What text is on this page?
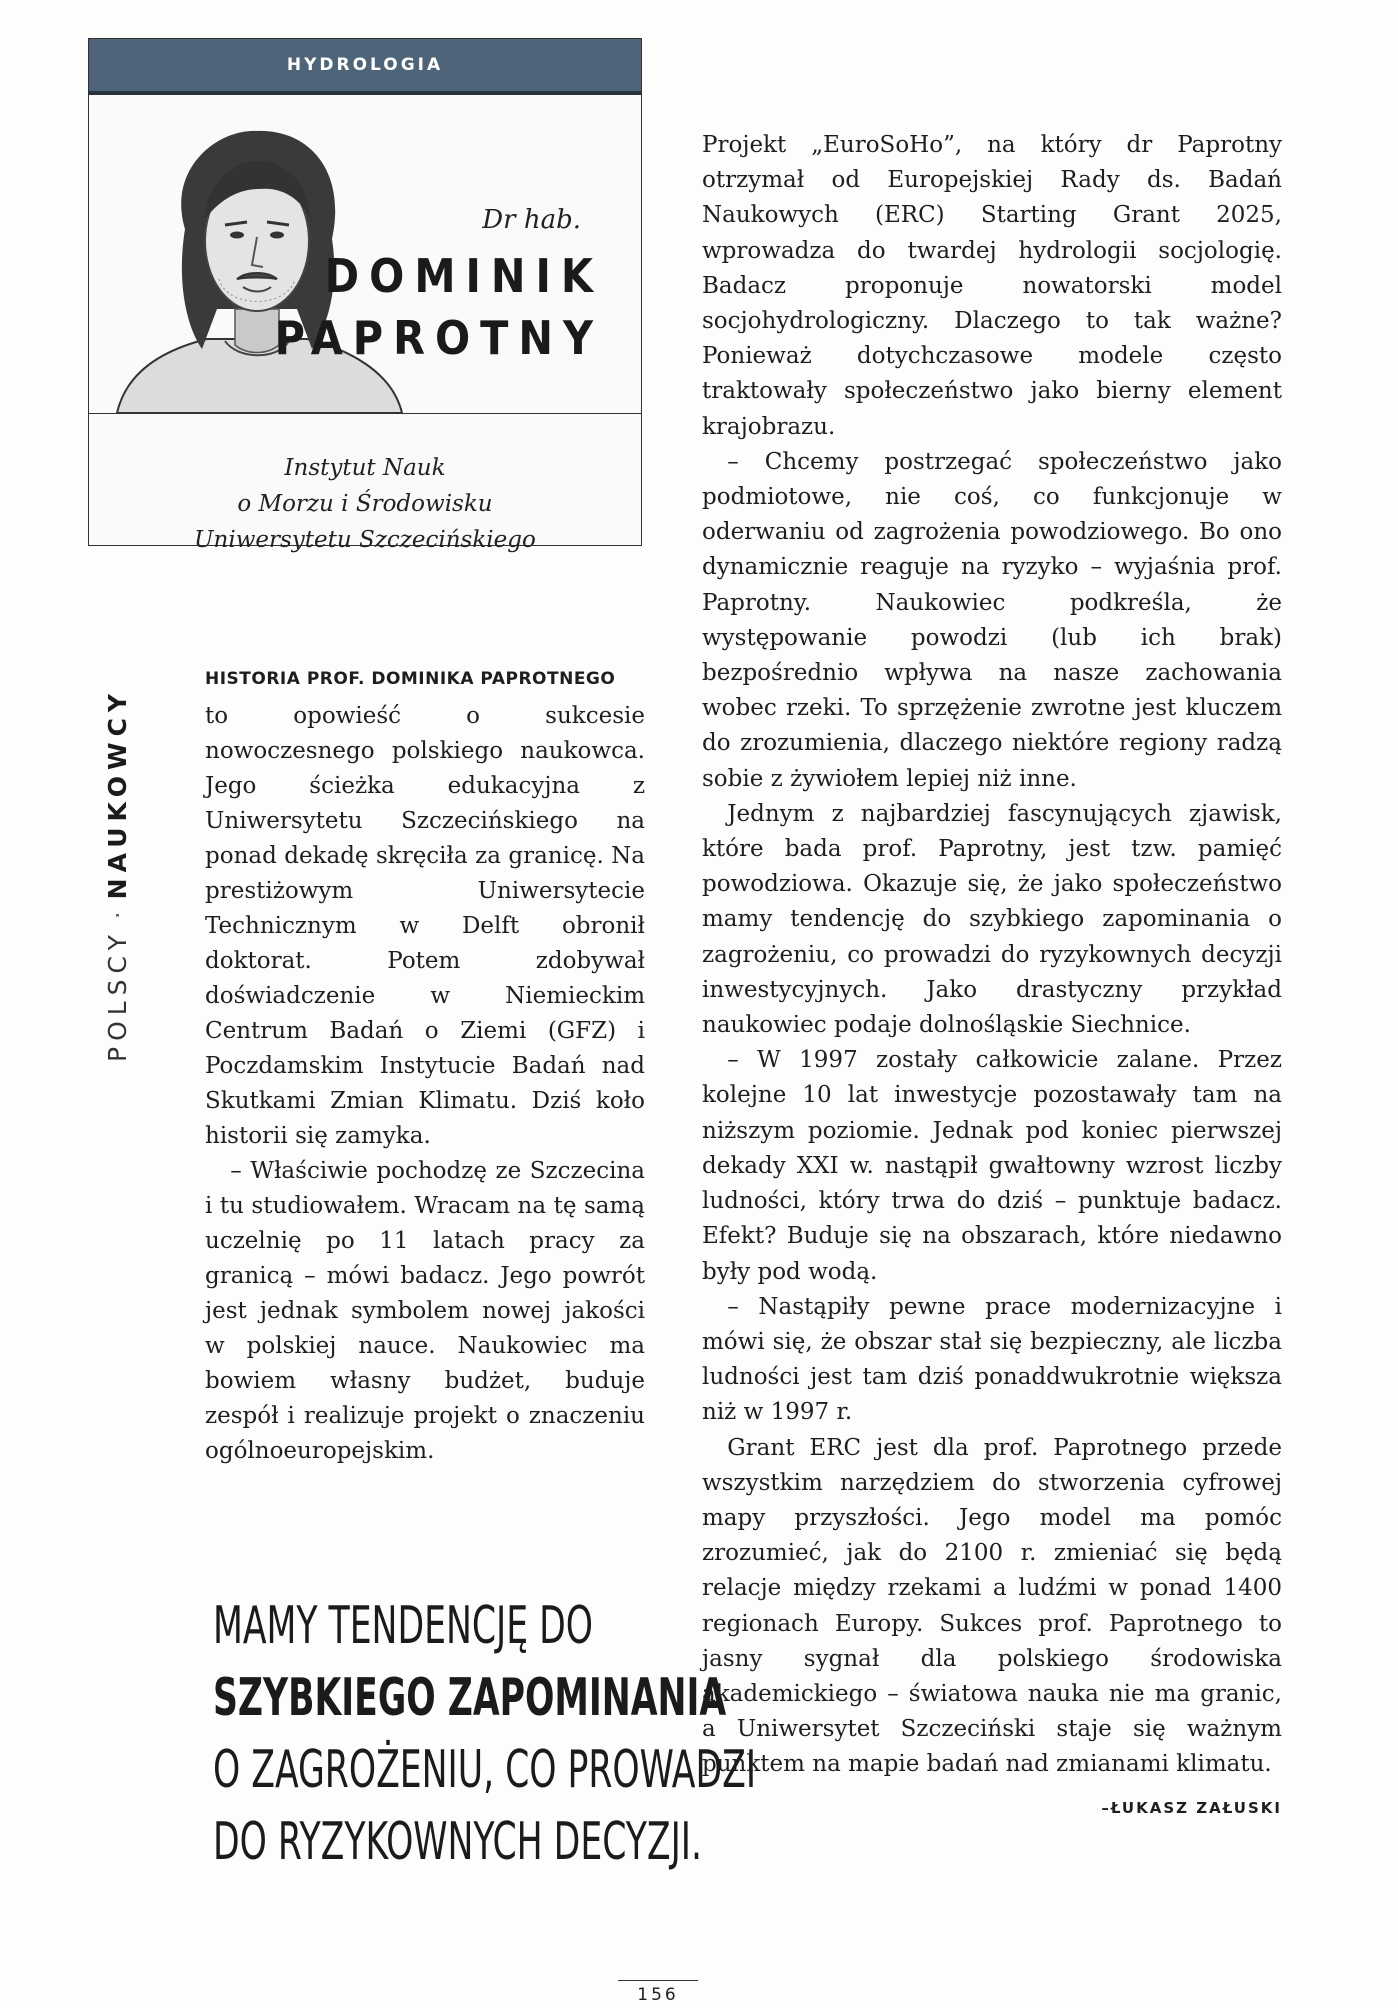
HYDROLOGIA
Dr hab.
DOMINIK
PAPROTNY
Instytut Nauk
o Morzu i Środowisku
Uniwersytetu Szczecińskiego
POLSCY · NAUKOWCY
HISTORIA PROF. DOMINIKA PAPROTNEGO

to opowieść o sukcesie nowoczesnego polskiego naukowca. Jego ścieżka edukacyjna z Uniwersytetu Szczecińskiego na ponad dekadę skręciła za granicę. Na prestiżowym Uniwersytecie Technicznym w Delft obronił doktorat. Potem zdobywał doświadczenie w Niemieckim Centrum Badań o Ziemi (GFZ) i Poczdamskim Instytucie Badań nad Skutkami Zmian Klimatu. Dziś koło historii się zamyka.

– Właściwie pochodzę ze Szczecina i tu studiowałem. Wracam na tę samą uczelnię po 11 latach pracy za granicą – mówi badacz. Jego powrót jest jednak symbolem nowej jakości w polskiej nauce. Naukowiec ma bowiem własny budżet, buduje zespół i realizuje projekt o znaczeniu ogólnoeuropejskim.

MAMY TENDENCJĘ DO
SZYBKIEGO ZAPOMINANIA
O ZAGROŻENIU, CO PROWADZI
DO RYZYKOWNYCH DECYZJI.

Projekt „EuroSoHo”, na który dr Paprotny otrzymał od Europejskiej Rady ds. Badań Naukowych (ERC) Starting Grant 2025, wprowadza do twardej hydrologii socjologię. Badacz proponuje nowatorski model socjohydrologiczny. Dlaczego to tak ważne? Ponieważ dotychczasowe modele często traktowały społeczeństwo jako bierny element krajobrazu.

– Chcemy postrzegać społeczeństwo jako podmiotowe, nie coś, co funkcjonuje w oderwaniu od zagrożenia powodziowego. Bo ono dynamicznie reaguje na ryzyko – wyjaśnia prof. Paprotny. Naukowiec podkreśla, że występowanie powodzi (lub ich brak) bezpośrednio wpływa na nasze zachowania wobec rzeki. To sprzężenie zwrotne jest kluczem do zrozumienia, dlaczego niektóre regiony radzą sobie z żywiołem lepiej niż inne.

Jednym z najbardziej fascynujących zjawisk, które bada prof. Paprotny, jest tzw. pamięć powodziowa. Okazuje się, że jako społeczeństwo mamy tendencję do szybkiego zapominania o zagrożeniu, co prowadzi do ryzykownych decyzji inwestycyjnych. Jako drastyczny przykład naukowiec podaje dolnośląskie Siechnice.

– W 1997 zostały całkowicie zalane. Przez kolejne 10 lat inwestycje pozostawały tam na niższym poziomie. Jednak pod koniec pierwszej dekady XXI w. nastąpił gwałtowny wzrost liczby ludności, który trwa do dziś – punktuje badacz. Efekt? Buduje się na obszarach, które niedawno były pod wodą.

– Nastąpiły pewne prace modernizacyjne i mówi się, że obszar stał się bezpieczny, ale liczba ludności jest tam dziś ponaddwukrotnie większa niż w 1997 r.

Grant ERC jest dla prof. Paprotnego przede wszystkim narzędziem do stworzenia cyfrowej mapy przyszłości. Jego model ma pomóc zrozumieć, jak do 2100 r. zmieniać się będą relacje między rzekami a ludźmi w ponad 1400 regionach Europy. Sukces prof. Paprotnego to jasny sygnał dla polskiego środowiska akademickiego – światowa nauka nie ma granic, a Uniwersytet Szczeciński staje się ważnym punktem na mapie badań nad zmianami klimatu.

–ŁUKASZ ZAŁUSKI
156
